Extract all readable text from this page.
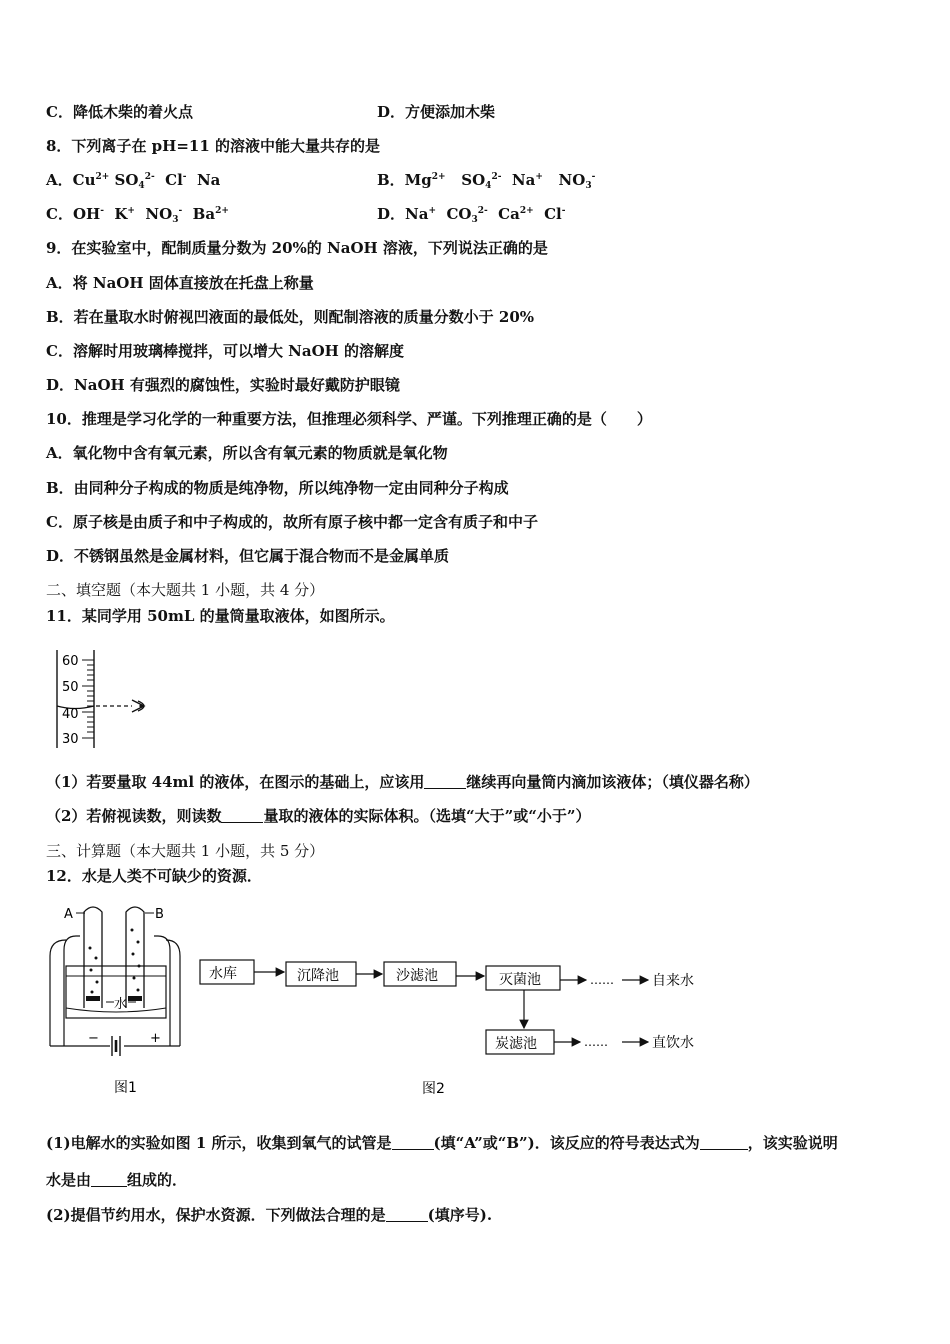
C．降低木柴的着火点	D．方便添加木柴
8．下列离子在 pH=11 的溶液中能大量共存的是
A．$Cu^{2+}$ $SO_4^{2-}$  Cl-  Na	B．$Mg^{2+}$   $SO_4^{2-}$  Na+   $NO_3^-$
C．OH-  K+  $NO_3^-$  $Ba^{2+}$	D．Na+  $CO_3^{2-}$  $Ca^{2+}$  Cl-
9．在实验室中，配制质量分数为 20%的 NaOH 溶液，下列说法正确的是
A．将 NaOH 固体直接放在托盘上称量
B．若在量取水时俯视凹液面的最低处，则配制溶液的质量分数小于 20%
C．溶解时用玻璃棒搅拌，可以增大 NaOH 的溶解度
D．NaOH 有强烈的腐蚀性，实验时最好戴防护眼镜
10．推理是学习化学的一种重要方法，但推理必须科学、严谨。下列推理正确的是（　　）
A．氧化物中含有氧元素，所以含有氧元素的物质就是氧化物
B．由同种分子构成的物质是纯净物，所以纯净物一定由同种分子构成
C．原子核是由质子和中子构成的，故所有原子核中都一定含有质子和中子
D．不锈钢虽然是金属材料，但它属于混合物而不是金属单质
二、填空题（本大题共 1 小题，共 4 分）
11．某同学用 50mL 的量筒量取液体，如图所示。
60
50
40
30
（1）若要量取 44ml 的液体，在图示的基础上，应该用	继续再向量筒内滴加该液体；（填仪器名称）
（2）若俯视读数，则读数	量取的液体的实际体积。（选填“大于”或“小于”）
三、计算题（本大题共 1 小题，共 5 分）
12．水是人类不可缺少的资源．
A	B
水
−	+
图1
水库	沉降池	沙滤池	灭菌池
炭滤池
……
……
自来水
直饮水
图2
(1)电解水的实验如图 1 所示，收集到氧气的试管是	(填“A”或“B”)．该反应的符号表达式为	，该实验说明
水是由 组成的．
(2)提倡节约用水，保护水资源．下列做法合理的是	(填序号).
